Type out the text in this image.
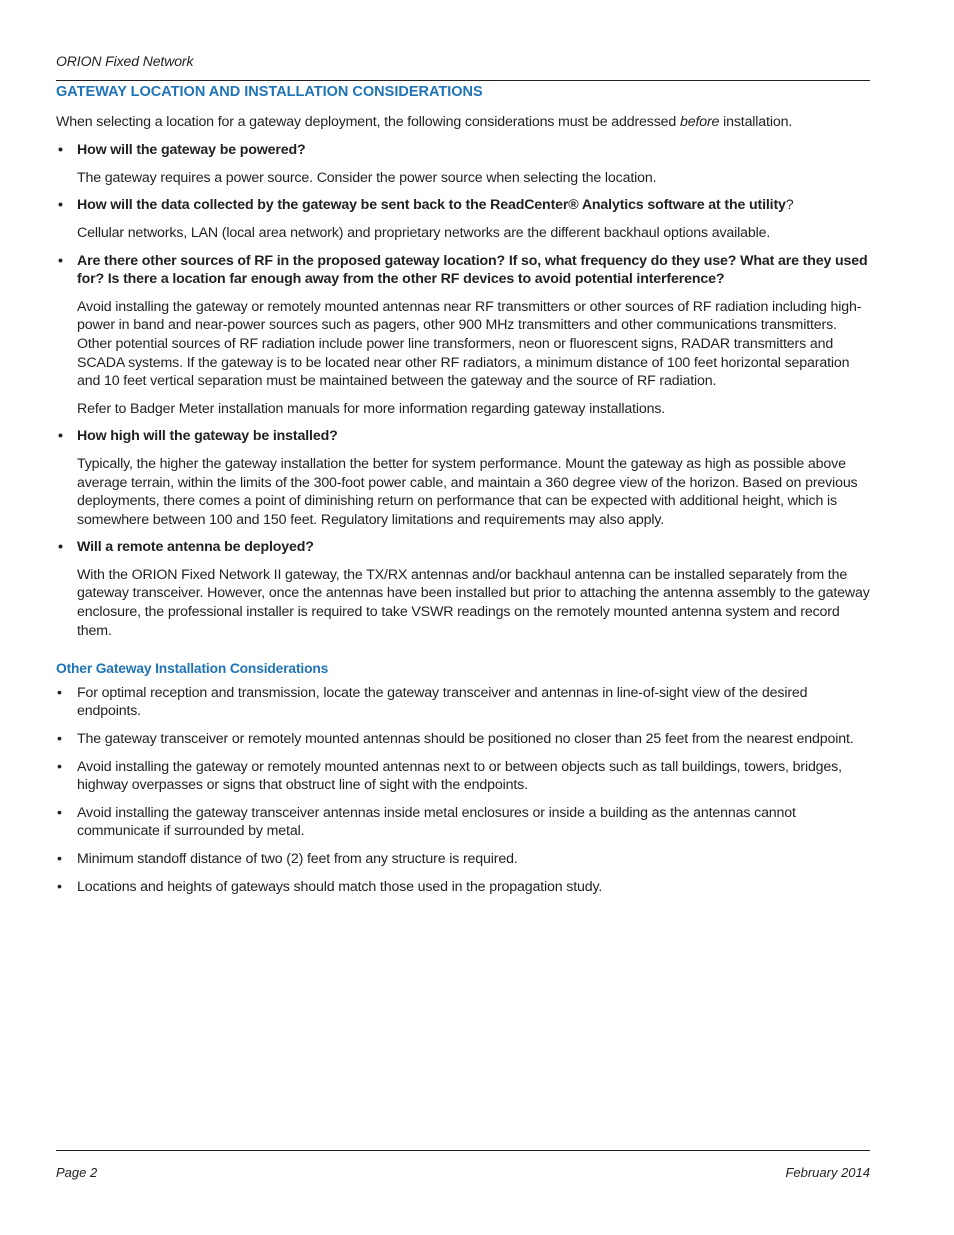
ORION Fixed Network
GATEWAY LOCATION AND INSTALLATION CONSIDERATIONS

When selecting a location for a gateway deployment, the following considerations must be addressed before installation.

• How will the gateway be powered?

The gateway requires a power source. Consider the power source when selecting the location.

• How will the data collected by the gateway be sent back to the ReadCenter® Analytics software at the utility?

Cellular networks, LAN (local area network) and proprietary networks are the different backhaul options available.

• Are there other sources of RF in the proposed gateway location? If so, what frequency do they use? What are they used for? Is there a location far enough away from the other RF devices to avoid potential interference?

Avoid installing the gateway or remotely mounted antennas near RF transmitters or other sources of RF radiation including high-power in band and near-power sources such as pagers, other 900 MHz transmitters and other communications transmitters. Other potential sources of RF radiation include power line transformers, neon or fluorescent signs, RADAR transmitters and SCADA systems. If the gateway is to be located near other RF radiators, a minimum distance of 100 feet horizontal separation and 10 feet vertical separation must be maintained between the gateway and the source of RF radiation.

Refer to Badger Meter installation manuals for more information regarding gateway installations.

• How high will the gateway be installed?

Typically, the higher the gateway installation the better for system performance. Mount the gateway as high as possible above average terrain, within the limits of the 300-foot power cable, and maintain a 360 degree view of the horizon. Based on previous deployments, there comes a point of diminishing return on performance that can be expected with additional height, which is somewhere between 100 and 150 feet. Regulatory limitations and requirements may also apply.

• Will a remote antenna be deployed?

With the ORION Fixed Network II gateway, the TX/RX antennas and/or backhaul antenna can be installed separately from the gateway transceiver. However, once the antennas have been installed but prior to attaching the antenna assembly to the gateway enclosure, the professional installer is required to take VSWR readings on the remotely mounted antenna system and record them.

Other Gateway Installation Considerations
• For optimal reception and transmission, locate the gateway transceiver and antennas in line-of-sight view of the desired endpoints.
• The gateway transceiver or remotely mounted antennas should be positioned no closer than 25 feet from the nearest endpoint.
• Avoid installing the gateway or remotely mounted antennas next to or between objects such as tall buildings, towers, bridges, highway overpasses or signs that obstruct line of sight with the endpoints.
• Avoid installing the gateway transceiver antennas inside metal enclosures or inside a building as the antennas cannot communicate if surrounded by metal.
• Minimum standoff distance of two (2) feet from any structure is required.
• Locations and heights of gateways should match those used in the propagation study.
Page 2	February 2014
